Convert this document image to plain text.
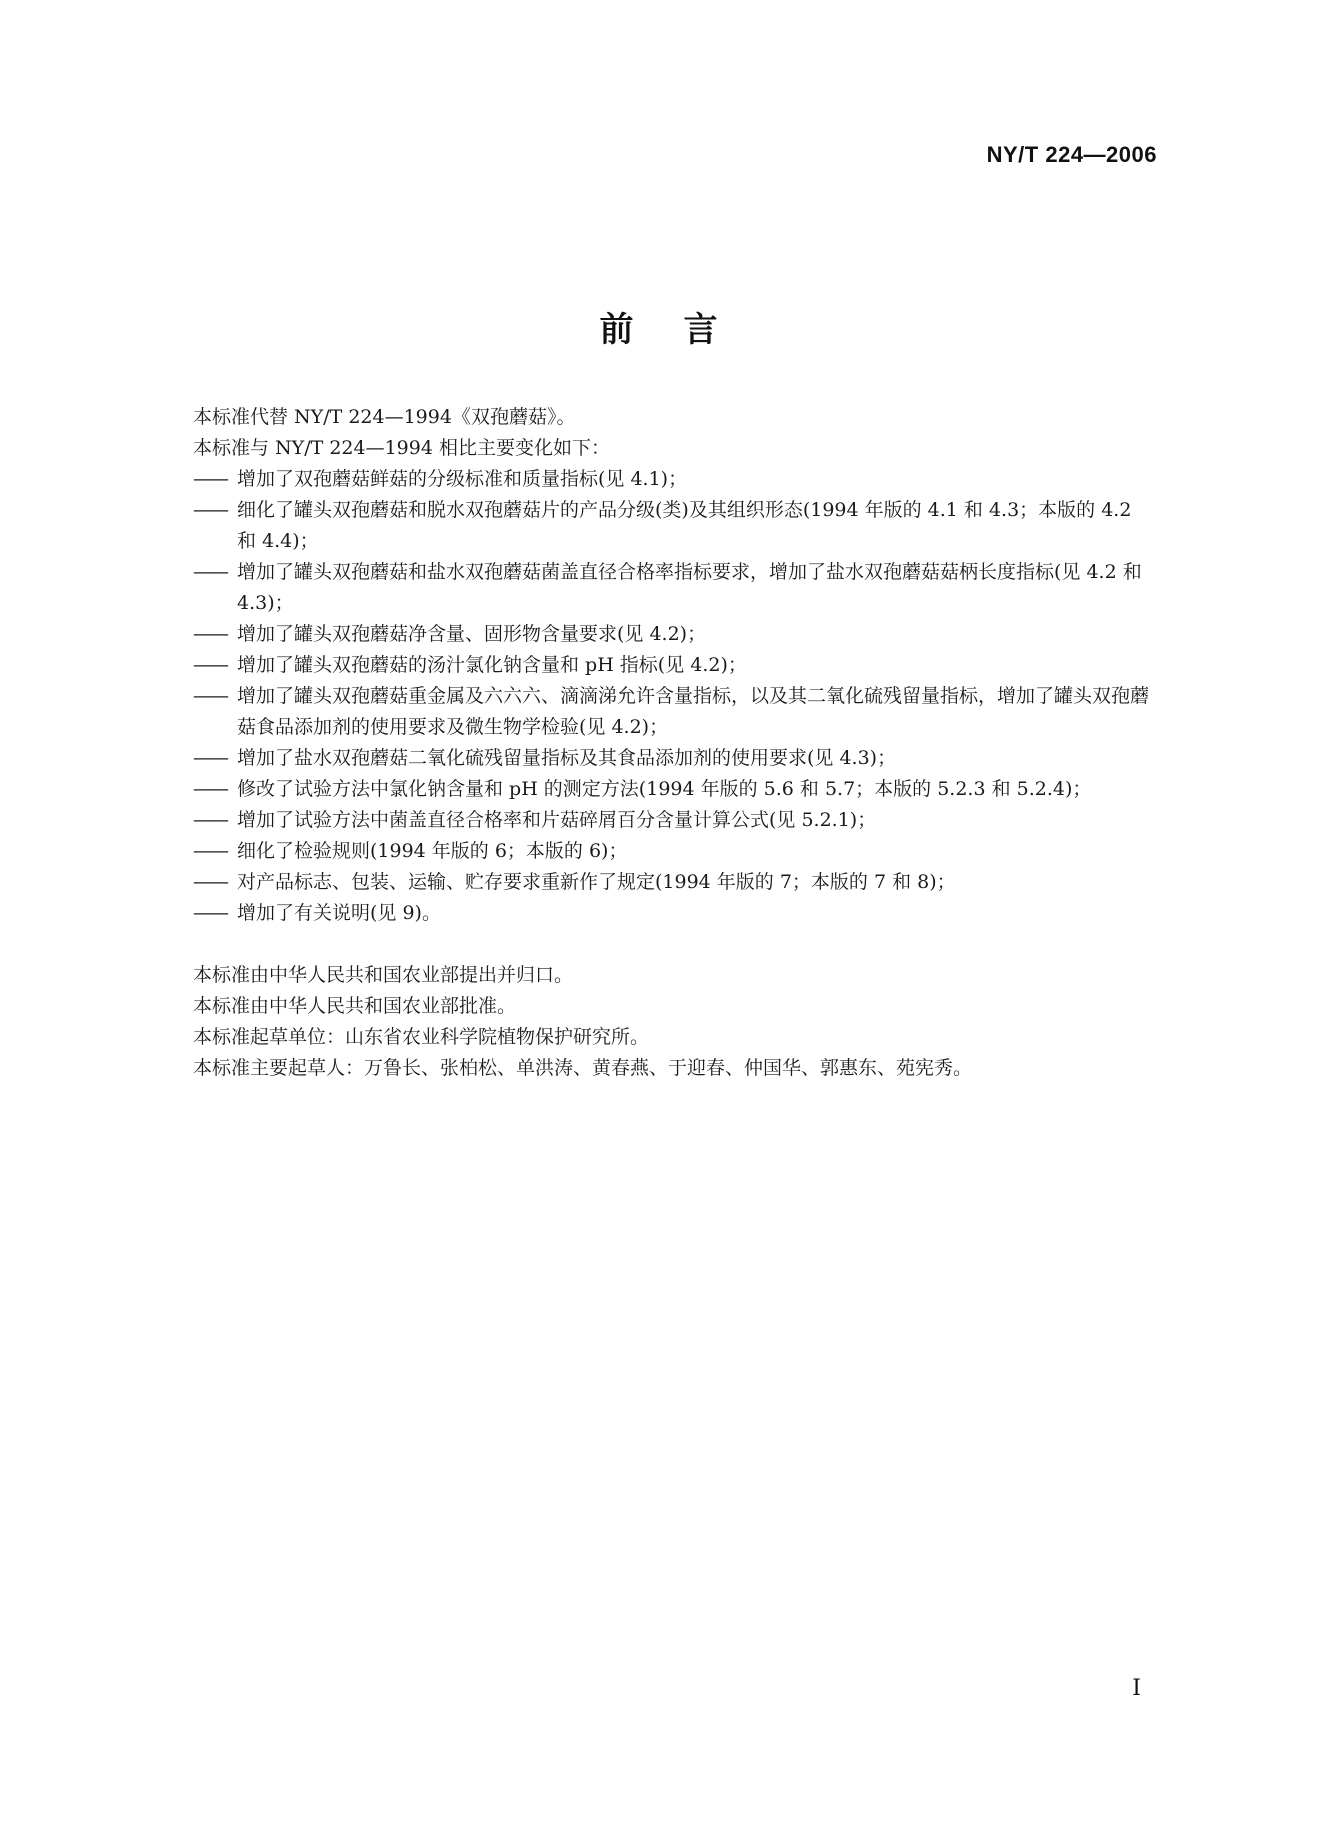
NY/T 224—2006
前言

本标准代替 NY/T 224—1994《双孢蘑菇》。

本标准与 NY/T 224—1994 相比主要变化如下：

—— 增加了双孢蘑菇鲜菇的分级标准和质量指标(见 4.1)；
—— 细化了罐头双孢蘑菇和脱水双孢蘑菇片的产品分级(类)及其组织形态(1994 年版的 4.1 和 4.3；本版的 4.2 和 4.4)；
—— 增加了罐头双孢蘑菇和盐水双孢蘑菇菌盖直径合格率指标要求，增加了盐水双孢蘑菇菇柄长度指标(见 4.2 和 4.3)；
—— 增加了罐头双孢蘑菇净含量、固形物含量要求(见 4.2)；
—— 增加了罐头双孢蘑菇的汤汁氯化钠含量和 pH 指标(见 4.2)；
—— 增加了罐头双孢蘑菇重金属及六六六、滴滴涕允许含量指标，以及其二氧化硫残留量指标，增加了罐头双孢蘑菇食品添加剂的使用要求及微生物学检验(见 4.2)；
—— 增加了盐水双孢蘑菇二氧化硫残留量指标及其食品添加剂的使用要求(见 4.3)；
—— 修改了试验方法中氯化钠含量和 pH 的测定方法(1994 年版的 5.6 和 5.7；本版的 5.2.3 和 5.2.4)；
—— 增加了试验方法中菌盖直径合格率和片菇碎屑百分含量计算公式(见 5.2.1)；
—— 细化了检验规则(1994 年版的 6；本版的 6)；
—— 对产品标志、包装、运输、贮存要求重新作了规定(1994 年版的 7；本版的 7 和 8)；
—— 增加了有关说明(见 9)。

本标准由中华人民共和国农业部提出并归口。

本标准由中华人民共和国农业部批准。

本标准起草单位：山东省农业科学院植物保护研究所。

本标准主要起草人：万鲁长、张柏松、单洪涛、黄春燕、于迎春、仲国华、郭惠东、苑宪秀。

I
